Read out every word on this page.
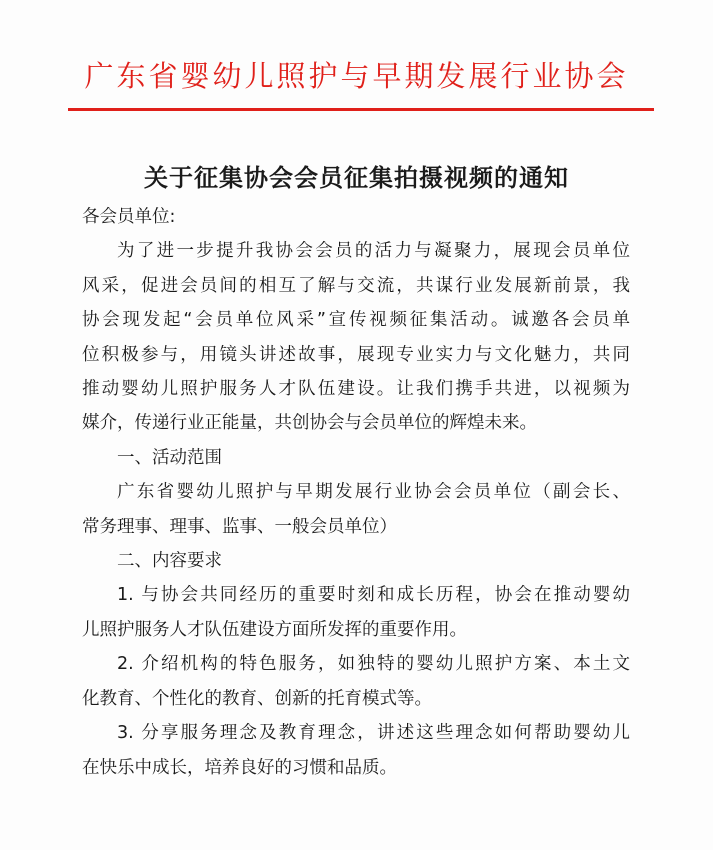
广东省婴幼儿照护与早期发展行业协会
关于征集协会会员征集拍摄视频的通知

各会员单位:

为了进一步提升我协会会员的活力与凝聚力，展现会员单位
风采，促进会员间的相互了解与交流，共谋行业发展新前景，我
协会现发起“会员单位风采”宣传视频征集活动。诚邀各会员单
位积极参与，用镜头讲述故事，展现专业实力与文化魅力，共同
推动婴幼儿照护服务人才队伍建设。让我们携手共进，以视频为
媒介，传递行业正能量，共创协会与会员单位的辉煌未来。

一、活动范围

广东省婴幼儿照护与早期发展行业协会会员单位（副会长、
常务理事、理事、监事、一般会员单位）

二、内容要求

1. 与协会共同经历的重要时刻和成长历程，协会在推动婴幼
儿照护服务人才队伍建设方面所发挥的重要作用。

2. 介绍机构的特色服务，如独特的婴幼儿照护方案、本土文
化教育、个性化的教育、创新的托育模式等。

3. 分享服务理念及教育理念，讲述这些理念如何帮助婴幼儿
在快乐中成长，培养良好的习惯和品质。
